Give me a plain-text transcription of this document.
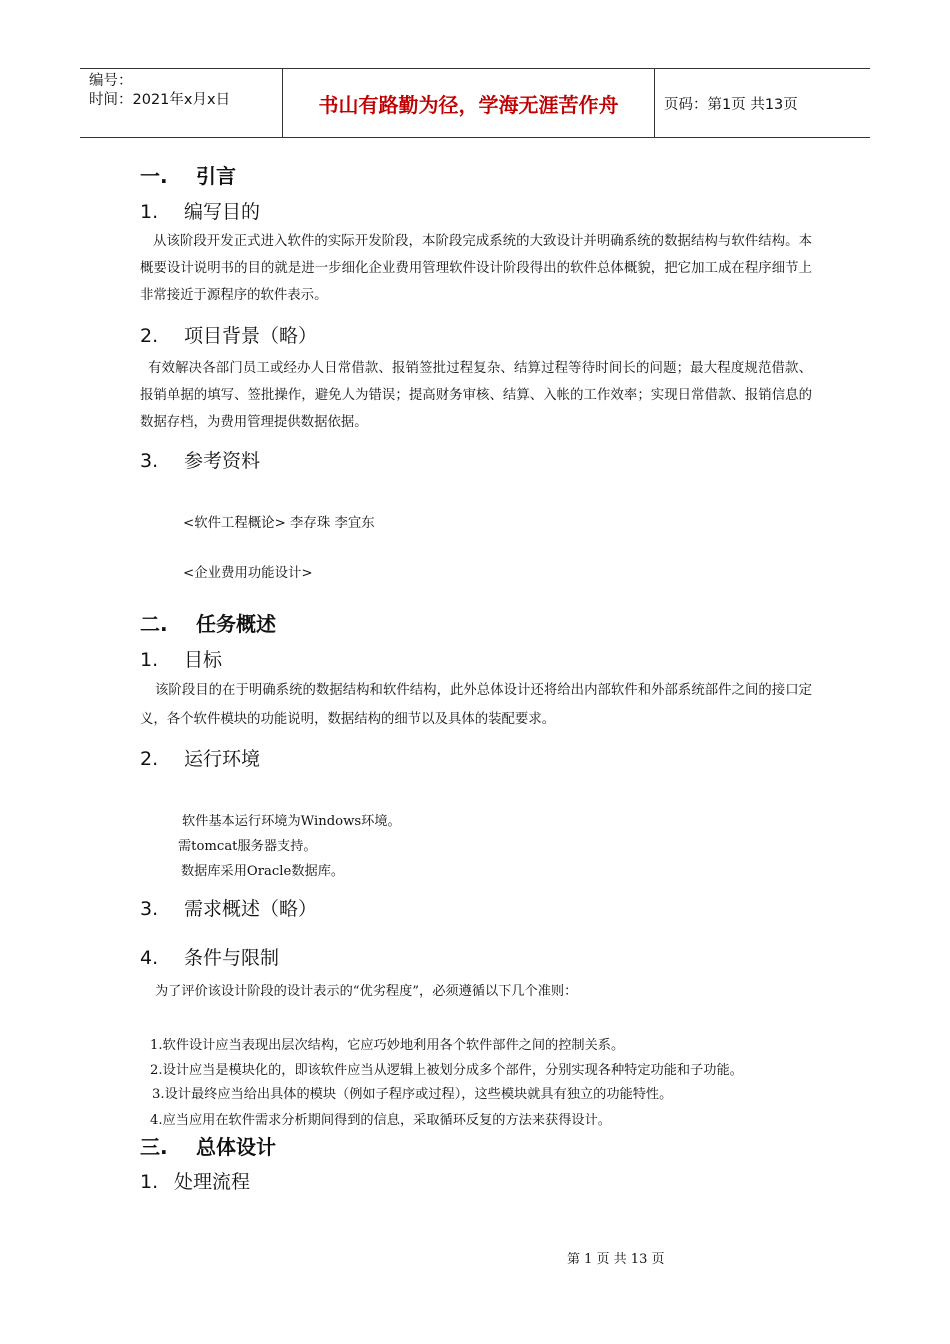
编号：
时间：2021年x月x日	书山有路勤为径，学海无涯苦作舟	页码：第1页 共13页
一. 引言
1. 编写目的
从该阶段开发正式进入软件的实际开发阶段，本阶段完成系统的大致设计并明确系统的数据结构与软件结构。本概要设计说明书的目的就是进一步细化企业费用管理软件设计阶段得出的软件总体概貌，把它加工成在程序细节上非常接近于源程序的软件表示。
2. 项目背景（略）
有效解决各部门员工或经办人日常借款、报销签批过程复杂、结算过程等待时间长的问题；最大程度规范借款、报销单据的填写、签批操作，避免人为错误；提高财务审核、结算、入帐的工作效率；实现日常借款、报销信息的数据存档，为费用管理提供数据依据。
3. 参考资料
<软件工程概论> 李存珠 李宜东
<企业费用功能设计>
二. 任务概述
1. 目标
该阶段目的在于明确系统的数据结构和软件结构，此外总体设计还将给出内部软件和外部系统部件之间的接口定义，各个软件模块的功能说明，数据结构的细节以及具体的装配要求。
2. 运行环境
软件基本运行环境为Windows环境。
需tomcat服务器支持。
数据库采用Oracle数据库。
3. 需求概述（略）
4. 条件与限制
为了评价该设计阶段的设计表示的“优劣程度”，必须遵循以下几个准则：
1.软件设计应当表现出层次结构，它应巧妙地利用各个软件部件之间的控制关系。
2.设计应当是模块化的，即该软件应当从逻辑上被划分成多个部件，分别实现各种特定功能和子功能。
3.设计最终应当给出具体的模块（例如子程序或过程），这些模块就具有独立的功能特性。
4.应当应用在软件需求分析期间得到的信息，采取循环反复的方法来获得设计。
三. 总体设计
1. 处理流程
第 1 页 共 13 页
